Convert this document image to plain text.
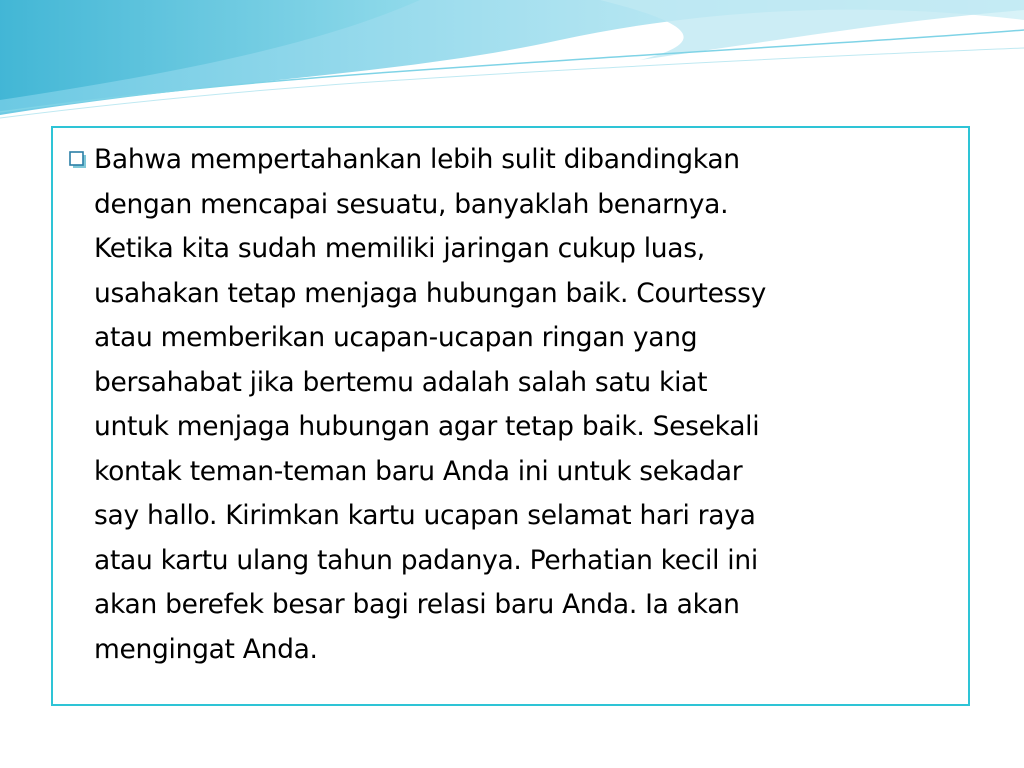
Bahwa mempertahankan lebih sulit dibandingkan
dengan mencapai sesuatu, banyaklah benarnya.
Ketika kita sudah memiliki jaringan cukup luas,
usahakan tetap menjaga hubungan baik. Courtessy
atau memberikan ucapan-ucapan ringan yang
bersahabat jika bertemu adalah salah satu kiat
untuk menjaga hubungan agar tetap baik. Sesekali
kontak teman-teman baru Anda ini untuk sekadar
say hallo. Kirimkan kartu ucapan selamat hari raya
atau kartu ulang tahun padanya. Perhatian kecil ini
akan berefek besar bagi relasi baru Anda. Ia akan
mengingat Anda.
